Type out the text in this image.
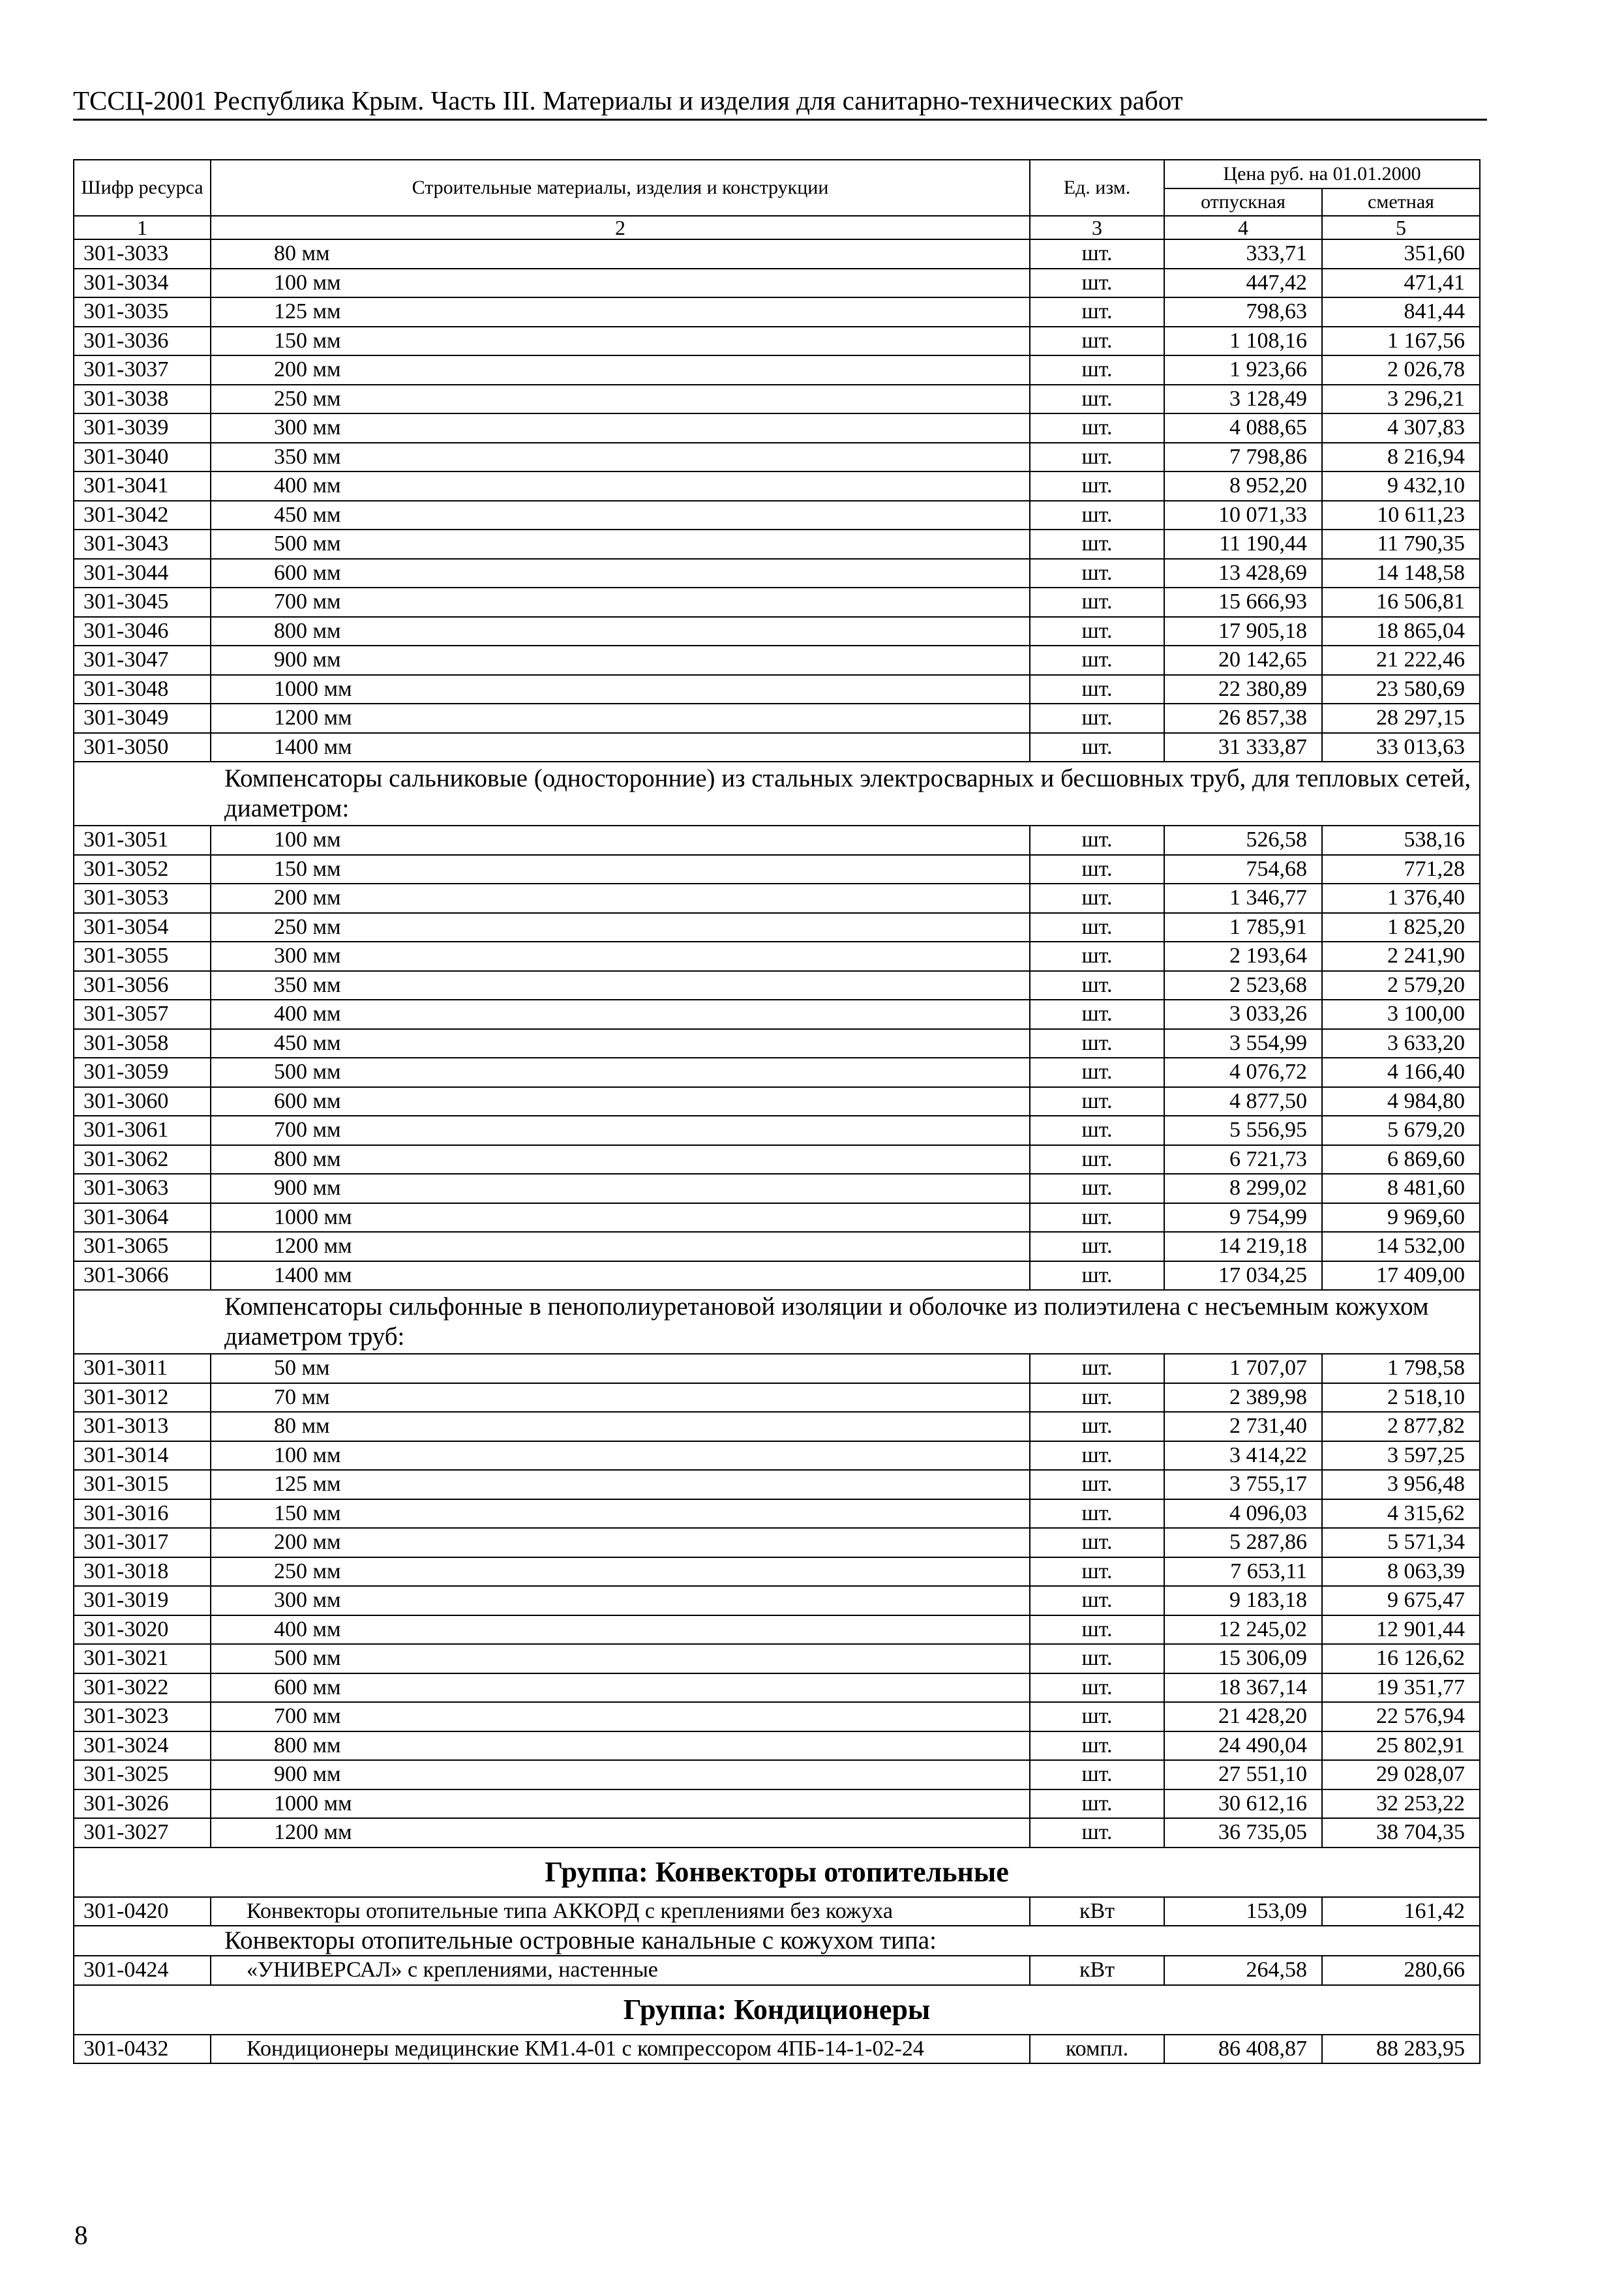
ТССЦ-2001 Республика Крым. Часть III. Материалы и изделия для санитарно-технических работ
Шифр ресурса	Строительные материалы, изделия и конструкции	Ед. изм.	Цена руб. на 01.01.2000	
			отпускная	сметная
1	2	3	4	5
301-3033	80 мм	шт.	333,71	351,60
301-3034	100 мм	шт.	447,42	471,41
301-3035	125 мм	шт.	798,63	841,44
301-3036	150 мм	шт.	1 108,16	1 167,56
301-3037	200 мм	шт.	1 923,66	2 026,78
301-3038	250 мм	шт.	3 128,49	3 296,21
301-3039	300 мм	шт.	4 088,65	4 307,83
301-3040	350 мм	шт.	7 798,86	8 216,94
301-3041	400 мм	шт.	8 952,20	9 432,10
301-3042	450 мм	шт.	10 071,33	10 611,23
301-3043	500 мм	шт.	11 190,44	11 790,35
301-3044	600 мм	шт.	13 428,69	14 148,58
301-3045	700 мм	шт.	15 666,93	16 506,81
301-3046	800 мм	шт.	17 905,18	18 865,04
301-3047	900 мм	шт.	20 142,65	21 222,46
301-3048	1000 мм	шт.	22 380,89	23 580,69
301-3049	1200 мм	шт.	26 857,38	28 297,15
301-3050	1400 мм	шт.	31 333,87	33 013,63
Компенсаторы сальниковые (односторонние) из стальных электросварных и бесшовных труб, для тепловых сетей, диаметром:				
301-3051	100 мм	шт.	526,58	538,16
301-3052	150 мм	шт.	754,68	771,28
301-3053	200 мм	шт.	1 346,77	1 376,40
301-3054	250 мм	шт.	1 785,91	1 825,20
301-3055	300 мм	шт.	2 193,64	2 241,90
301-3056	350 мм	шт.	2 523,68	2 579,20
301-3057	400 мм	шт.	3 033,26	3 100,00
301-3058	450 мм	шт.	3 554,99	3 633,20
301-3059	500 мм	шт.	4 076,72	4 166,40
301-3060	600 мм	шт.	4 877,50	4 984,80
301-3061	700 мм	шт.	5 556,95	5 679,20
301-3062	800 мм	шт.	6 721,73	6 869,60
301-3063	900 мм	шт.	8 299,02	8 481,60
301-3064	1000 мм	шт.	9 754,99	9 969,60
301-3065	1200 мм	шт.	14 219,18	14 532,00
301-3066	1400 мм	шт.	17 034,25	17 409,00
Компенсаторы сильфонные в пенополиуретановой изоляции и оболочке из полиэтилена с несъемным кожухом диаметром труб:				
301-3011	50 мм	шт.	1 707,07	1 798,58
301-3012	70 мм	шт.	2 389,98	2 518,10
301-3013	80 мм	шт.	2 731,40	2 877,82
301-3014	100 мм	шт.	3 414,22	3 597,25
301-3015	125 мм	шт.	3 755,17	3 956,48
301-3016	150 мм	шт.	4 096,03	4 315,62
301-3017	200 мм	шт.	5 287,86	5 571,34
301-3018	250 мм	шт.	7 653,11	8 063,39
301-3019	300 мм	шт.	9 183,18	9 675,47
301-3020	400 мм	шт.	12 245,02	12 901,44
301-3021	500 мм	шт.	15 306,09	16 126,62
301-3022	600 мм	шт.	18 367,14	19 351,77
301-3023	700 мм	шт.	21 428,20	22 576,94
301-3024	800 мм	шт.	24 490,04	25 802,91
301-3025	900 мм	шт.	27 551,10	29 028,07
301-3026	1000 мм	шт.	30 612,16	32 253,22
301-3027	1200 мм	шт.	36 735,05	38 704,35
Группа: Конвекторы отопительные				
301-0420	Конвекторы отопительные типа АККОРД с креплениями без кожуха	кВт	153,09	161,42
Конвекторы отопительные островные канальные с кожухом типа:				
301-0424	«УНИВЕРСАЛ» с креплениями, настенные	кВт	264,58	280,66
Группа: Кондиционеры				
301-0432	Кондиционеры медицинские КМ1.4-01 с компрессором 4ПБ-14-1-02-24	компл.	86 408,87	88 283,95
8
